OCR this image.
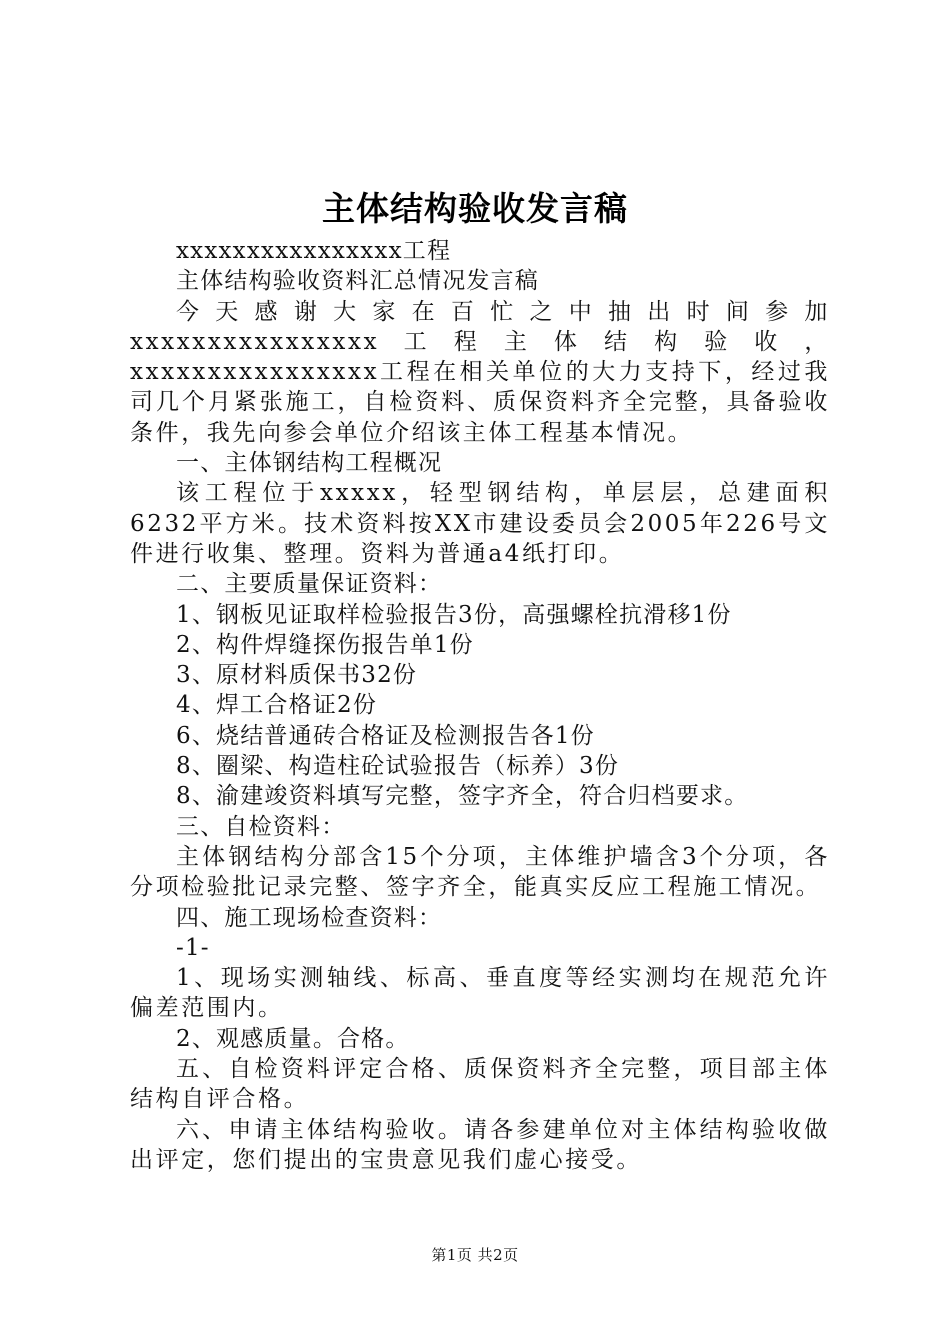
主体结构验收发言稿

xxxxxxxxxxxxxxxx工程

主体结构验收资料汇总情况发言稿

今天感谢大家在百忙之中抽出时间参加xxxxxxxxxxxxxxxx工程主体结构验收，xxxxxxxxxxxxxxxx工程在相关单位的大力支持下，经过我司几个月紧张施工，自检资料、质保资料齐全完整，具备验收条件，我先向参会单位介绍该主体工程基本情况。

一、主体钢结构工程概况

该工程位于xxxxx，轻型钢结构，单层层，总建面积6232平方米。技术资料按XX市建设委员会2005年226号文件进行收集、整理。资料为普通a4纸打印。

二、主要质量保证资料：

1、钢板见证取样检验报告3份，高强螺栓抗滑移1份

2、构件焊缝探伤报告单1份

3、原材料质保书32份

4、焊工合格证2份

6、烧结普通砖合格证及检测报告各1份

8、圈梁、构造柱砼试验报告（标养）3份

8、渝建竣资料填写完整，签字齐全，符合归档要求。

三、自检资料：

主体钢结构分部含15个分项，主体维护墙含3个分项，各分项检验批记录完整、签字齐全，能真实反应工程施工情况。

四、施工现场检查资料：

-1-

1、现场实测轴线、标高、垂直度等经实测均在规范允许偏差范围内。

2、观感质量。合格。

五、自检资料评定合格、质保资料齐全完整，项目部主体结构自评合格。

六、申请主体结构验收。请各参建单位对主体结构验收做出评定，您们提出的宝贵意见我们虚心接受。

第1页 共2页
